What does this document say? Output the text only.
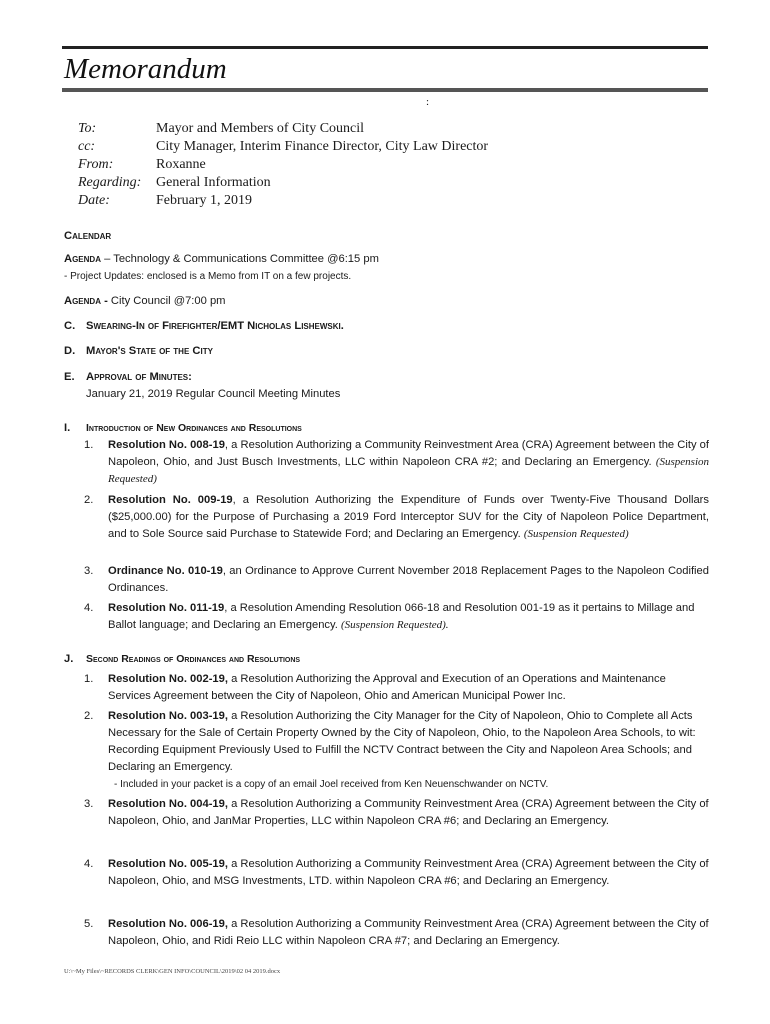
Memorandum
:
To:	Mayor and Members of City Council
cc:	City Manager, Interim Finance Director, City Law Director
From:	Roxanne
Regarding:	General Information
Date:	February 1, 2019
Calendar
Agenda – Technology & Communications Committee @6:15 pm
- Project Updates: enclosed is a Memo from IT on a few projects.
Agenda - City Council @7:00 pm
C. Swearing-In of Firefighter/EMT Nicholas Lishewski.
D. Mayor's State of the City
E. Approval of Minutes:
January 21, 2019 Regular Council Meeting Minutes
I. Introduction of New Ordinances and Resolutions
1.	Resolution No. 008-19, a Resolution Authorizing a Community Reinvestment Area (CRA) Agreement between the City of Napoleon, Ohio, and Just Busch Investments, LLC within Napoleon CRA #2; and Declaring an Emergency. (Suspension Requested)
2.	Resolution No. 009-19, a Resolution Authorizing the Expenditure of Funds over Twenty-Five Thousand Dollars ($25,000.00) for the Purpose of Purchasing a 2019 Ford Interceptor SUV for the City of Napoleon Police Department, and to Sole Source said Purchase to Statewide Ford; and Declaring an Emergency. (Suspension Requested)
3.	Ordinance No. 010-19, an Ordinance to Approve Current November 2018 Replacement Pages to the Napoleon Codified Ordinances.
4.	Resolution No. 011-19, a Resolution Amending Resolution 066-18 and Resolution 001-19 as it pertains to Millage and Ballot language; and Declaring an Emergency. (Suspension Requested).
J. Second Readings of Ordinances and Resolutions
1.	Resolution No. 002-19, a Resolution Authorizing the Approval and Execution of an Operations and Maintenance Services Agreement between the City of Napoleon, Ohio and American Municipal Power Inc.
2.	Resolution No. 003-19, a Resolution Authorizing the City Manager for the City of Napoleon, Ohio to Complete all Acts Necessary for the Sale of Certain Property Owned by the City of Napoleon, Ohio, to the Napoleon Area Schools, to wit: Recording Equipment Previously Used to Fulfill the NCTV Contract between the City and Napoleon Area Schools; and Declaring an Emergency.
- Included in your packet is a copy of an email Joel received from Ken Neuenschwander on NCTV.
3.	Resolution No. 004-19, a Resolution Authorizing a Community Reinvestment Area (CRA) Agreement between the City of Napoleon, Ohio, and JanMar Properties, LLC within Napoleon CRA #6; and Declaring an Emergency.
4.	Resolution No. 005-19, a Resolution Authorizing a Community Reinvestment Area (CRA) Agreement between the City of Napoleon, Ohio, and MSG Investments, LTD. within Napoleon CRA #6; and Declaring an Emergency.
5.	Resolution No. 006-19, a Resolution Authorizing a Community Reinvestment Area (CRA) Agreement between the City of Napoleon, Ohio, and Ridi Reio LLC within Napoleon CRA #7; and Declaring an Emergency.
U:\~My Files\~RECORDS CLERK\GEN INFO\COUNCIL\2019\02 04 2019.docx
